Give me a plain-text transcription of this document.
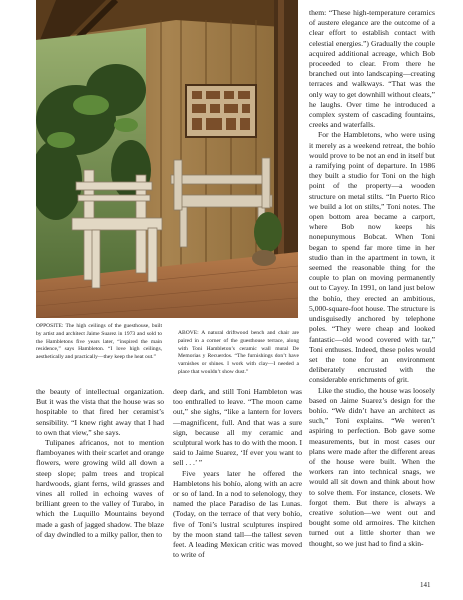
OPPOSITE: The high ceilings of the guesthouse, built by artist and architect Jaime Suarez in 1973 and sold to the Hambletons five years later, “inspired the main residence,” says Hambleton. “I love high ceilings, aesthetically and practically—they keep the heat out.”
ABOVE: A natural driftwood bench and chair are paired in a corner of the guesthouse terrace, along with Toni Hambleton’s ceramic wall mural De Memorias y Recuerdos. “The furnishings don’t have varnishes or shines. I work with clay—I needed a place that wouldn’t show dust.”

the beauty of intellectual organization. But it was the vista that the house was so hospitable to that fired her ceramist’s sensibility. “I knew right away that I had to own that view,” she says.

Tulipanes africanos, not to mention flamboyanes with their scarlet and orange flowers, were growing wild all down a steep slope; palm trees and tropical hardwoods, giant ferns, wild grasses and vines all rolled in echoing waves of brilliant green to the valley of Turabo, in which the Luquillo Mountains beyond made a gash of jagged shadow. The blaze of day dwindled to a milky pallor, then to

deep dark, and still Toni Hambleton was too enthralled to leave. “The moon came out,” she sighs, “like a lantern for lovers—magnificent, full. And that was a sure sign, because all my ceramic and sculptural work has to do with the moon. I said to Jaime Suarez, ‘If ever you want to sell . . .’ ”

Five years later he offered the Hambletons his bohío, along with an acre or so of land. In a nod to selenology, they named the place Paradiso de las Lunas. (Today, on the terrace of that very bohío, five of Toni’s lustral sculptures inspired by the moon stand tall—the tallest seven feet. A leading Mexican critic was moved to write of

them: “These high-temperature ceramics of austere elegance are the outcome of a clear effort to establish contact with celestial energies.”) Gradually the couple acquired additional acreage, which Bob proceeded to clear. From there he branched out into landscaping—creating terraces and walkways. “That was the only way to get downhill without cleats,” he laughs. Over time he introduced a complex system of cascading fountains, creeks and waterfalls.

For the Hambletons, who were using it merely as a weekend retreat, the bohío would prove to be not an end in itself but a ramifying point of departure. In 1986 they built a studio for Toni on the high point of the property—a wooden structure on metal stilts. “In Puerto Rico we build a lot on stilts,” Toni notes. The open bottom area became a carport, where Bob now keeps his nonepunymous Bobcat. When Toni began to spend far more time in her studio than in the apartment in town, it seemed the reasonable thing for the couple to plan on moving permanently out to Cayey. In 1991, on land just below the bohío, they erected an ambitious, 5,000-square-foot house. The structure is undisguisedly anchored by telephone poles. “They were cheap and looked fantastic—old wood covered with tar,” Toni enthuses. Indeed, these poles would set the tone for an environment deliberately encrusted with the considerable enrichments of grit.

Like the studio, the house was loosely based on Jaime Suarez’s design for the bohío. “We didn’t have an architect as such,” Toni explains. “We weren’t aspiring to perfection. Bob gave some measurements, but in most cases our plans were made after the different areas of the house were built. When the workers ran into technical snags, we would all sit down and think about how to solve them. For instance, closets. We forgot them. But there is always a creative solution—we went out and bought some old armoires. The kitchen turned out a little shorter than we thought, so we just had to find a skin-

141
